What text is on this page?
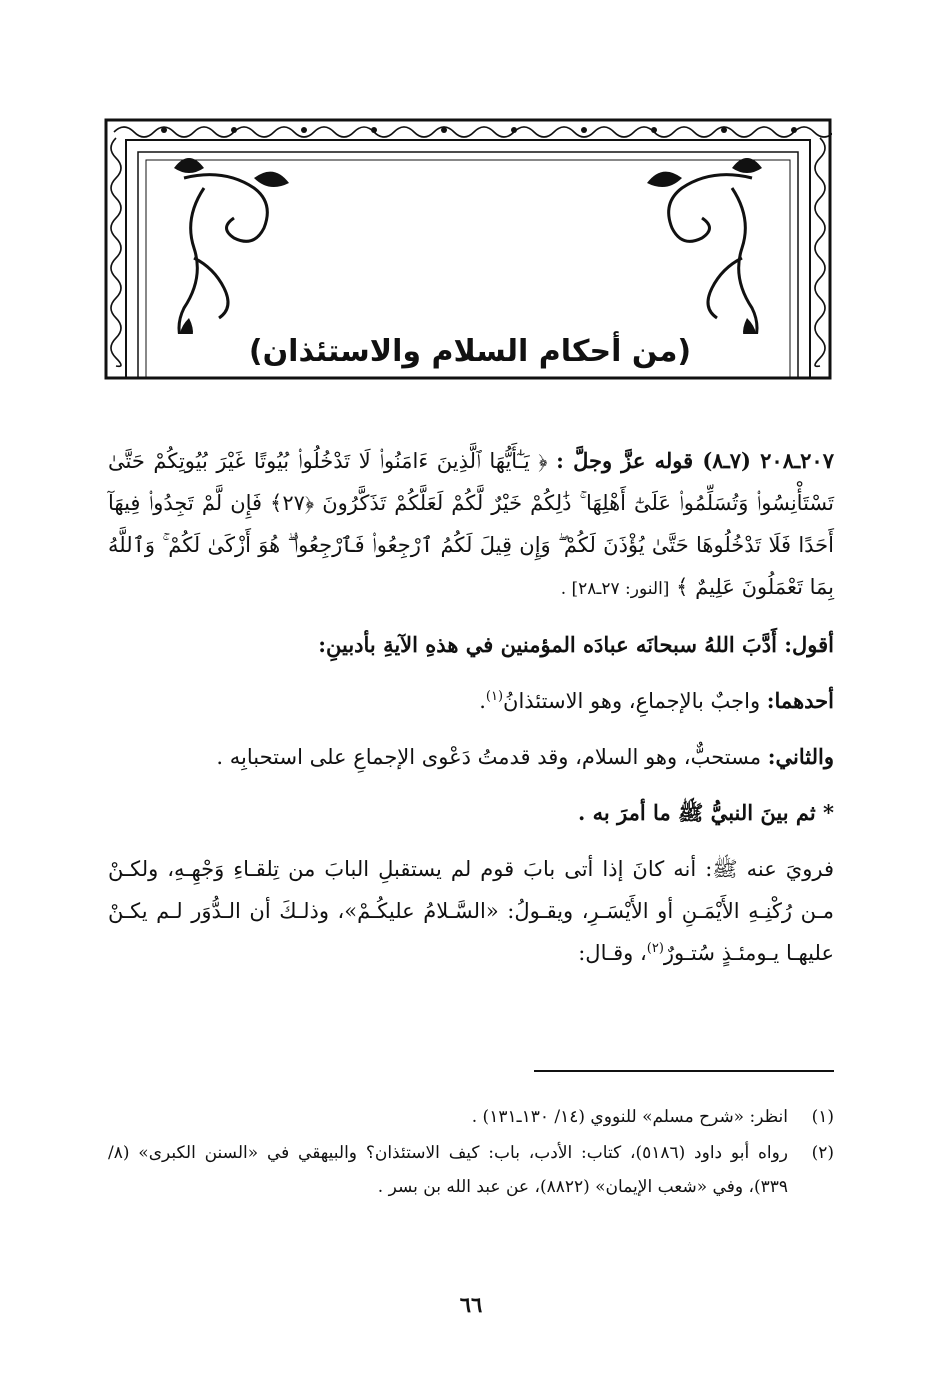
(من أحكام السلام والاستئذان)

٢٠٧ـ٢٠٨ (٧ـ٨) قوله عزَّ وجلَّ : ﴿ يَـٰٓأَيُّهَا ٱلَّذِينَ ءَامَنُوا۟ لَا تَدْخُلُوا۟ بُيُوتًا غَيْرَ بُيُوتِكُمْ حَتَّىٰ تَسْتَأْنِسُوا۟ وَتُسَلِّمُوا۟ عَلَىٰٓ أَهْلِهَا ۚ ذَٰلِكُمْ خَيْرٌ لَّكُمْ لَعَلَّكُمْ تَذَكَّرُونَ ﴿٢٧﴾ فَإِن لَّمْ تَجِدُوا۟ فِيهَآ أَحَدًا فَلَا تَدْخُلُوهَا حَتَّىٰ يُؤْذَنَ لَكُمْ ۖ وَإِن قِيلَ لَكُمُ ٱرْجِعُوا۟ فَٱرْجِعُوا۟ ۖ هُوَ أَزْكَىٰ لَكُمْ ۚ وَٱللَّهُ بِمَا تَعْمَلُونَ عَلِيمٌ ﴾ [النور: ٢٧ـ٢٨] .

أقول: أَدَّبَ اللهُ سبحانَه عبادَه المؤمنين في هذهِ الآيةِ بأدبينِ:

أحدهما: واجبٌ بالإجماعِ، وهو الاستئذانُ$^{(١)}$.

والثاني: مستحبٌّ، وهو السلام، وقد قدمتُ دَعْوى الإجماعِ على استحبابِه .

* ثم بينَ النبيُّ ﷺ ما أمرَ به .

فرويَ عنه ﷺ: أنه كانَ إذا أتى بابَ قوم لم يستقبلِ البابَ من تِلقـاءِ وَجْهِـهِ، ولكـنْ مـن رُكْنِـهِ الأَيْمَـنِ أو الأَيْسَـرِ، ويقـولُ: «السَّـلامُ عليكُـمْ»، وذلـكَ أن الـدُّوَر لـم يكـنْ عليهـا يـومئـذٍ سُتـورٌ$^{(٢)}$، وقـال:

(١)
انظر: «شرح مسلم» للنووي (١٤/ ١٣٠ـ١٣١) .
(٢)
رواه أبو داود (٥١٨٦)، كتاب: الأدب، باب: كيف الاستئذان؟ والبيهقي في «السنن الكبرى» (٨/ ٣٣٩)، وفي «شعب الإيمان» (٨٨٢٢)، عن عبد الله بن بسر .
٦٦
